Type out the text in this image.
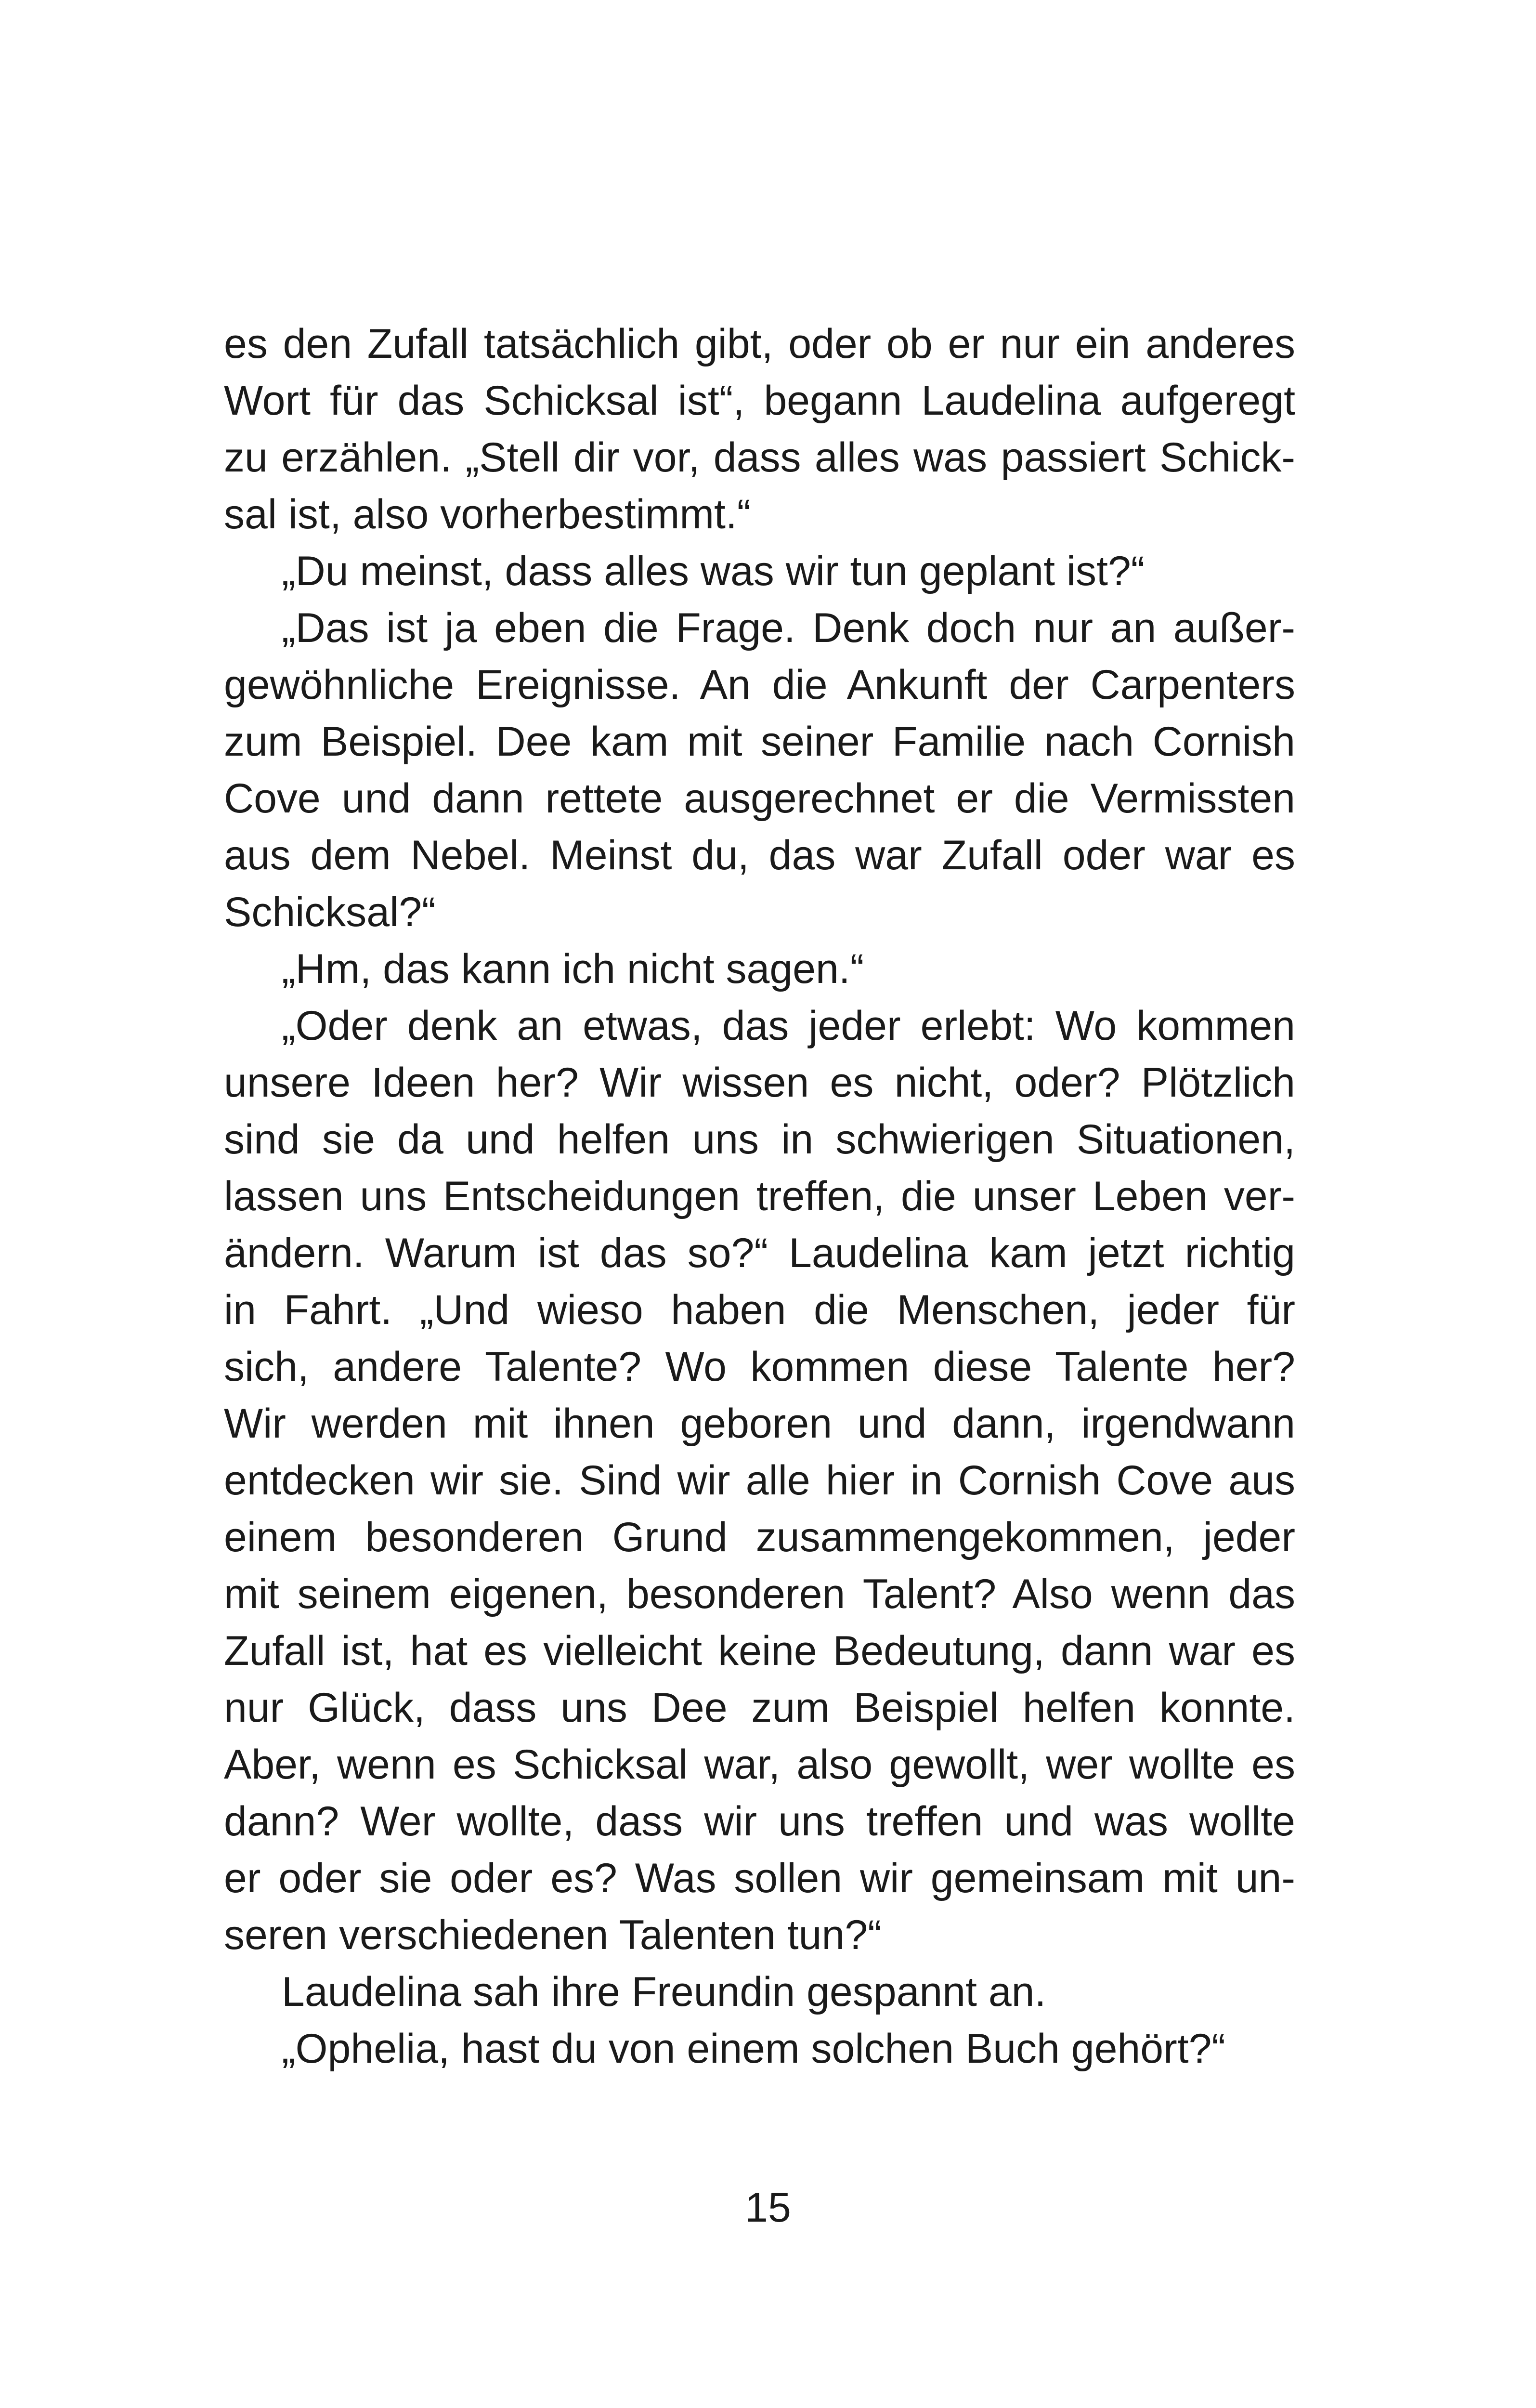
es den Zufall tatsächlich gibt, oder ob er nur ein anderes
Wort für das Schicksal ist“, begann Laudelina aufgeregt
zu erzählen. „Stell dir vor, dass alles was passiert Schick-
sal ist, also vorherbestimmt.“
„Du meinst, dass alles was wir tun geplant ist?“
„Das ist ja eben die Frage. Denk doch nur an außer-
gewöhnliche Ereignisse. An die Ankunft der Carpenters
zum Beispiel. Dee kam mit seiner Familie nach Cornish
Cove und dann rettete ausgerechnet er die Vermissten
aus dem Nebel. Meinst du, das war Zufall oder war es
Schicksal?“
„Hm, das kann ich nicht sagen.“
„Oder denk an etwas, das jeder erlebt: Wo kommen
unsere Ideen her? Wir wissen es nicht, oder? Plötzlich
sind sie da und helfen uns in schwierigen Situationen,
lassen uns Entscheidungen treffen, die unser Leben ver-
ändern. Warum ist das so?“ Laudelina kam jetzt richtig
in Fahrt. „Und wieso haben die Menschen, jeder für
sich, andere Talente? Wo kommen diese Talente her?
Wir werden mit ihnen geboren und dann, irgendwann
entdecken wir sie. Sind wir alle hier in Cornish Cove aus
einem besonderen Grund zusammengekommen, jeder
mit seinem eigenen, besonderen Talent? Also wenn das
Zufall ist, hat es vielleicht keine Bedeutung, dann war es
nur Glück, dass uns Dee zum Beispiel helfen konnte.
Aber, wenn es Schicksal war, also gewollt, wer wollte es
dann? Wer wollte, dass wir uns treffen und was wollte
er oder sie oder es? Was sollen wir gemeinsam mit un-
seren verschiedenen Talenten tun?“
Laudelina sah ihre Freundin gespannt an.
„Ophelia, hast du von einem solchen Buch gehört?“
15
